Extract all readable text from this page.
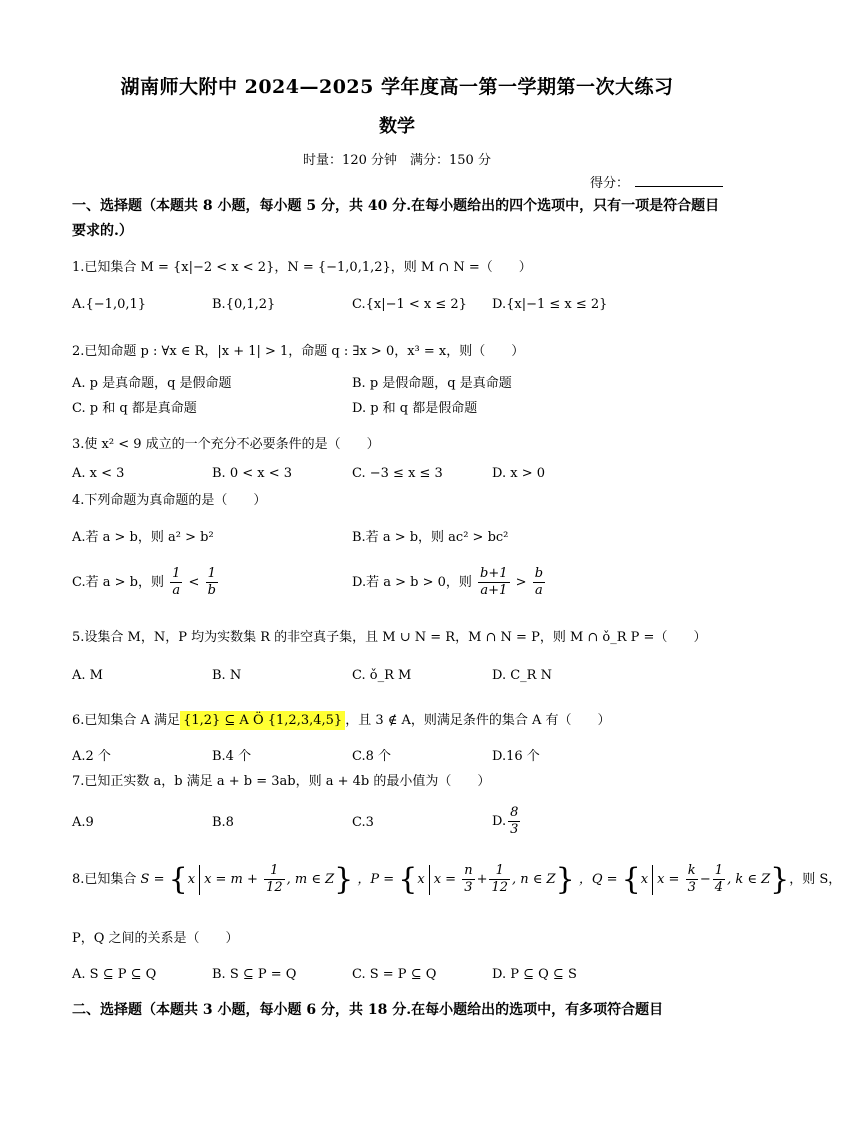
湖南师大附中 2024—2025 学年度高一第一学期第一次大练习
数学
时量：120 分钟　满分：150 分
得分：
一、选择题（本题共 8 小题，每小题 5 分，共 40 分.在每小题给出的四个选项中，只有一项是符合题目要求的.）
1.已知集合 M = {x|−2 < x < 2}，N = {−1,0,1,2}，则 M ∩ N =（　　）
A.{−1,0,1}	B.{0,1,2}	C.{x|−1 < x ≤ 2} D.{x|−1 ≤ x ≤ 2}
2.已知命题 p : ∀x ∈ R，|x + 1| > 1，命题 q : ∃x > 0，x³ = x，则（　　）
A. p 是真命题，q 是假命题	B. p 是假命题，q 是真命题
C. p 和 q 都是真命题	D. p 和 q 都是假命题
3.使 x² < 9 成立的一个充分不必要条件的是（　　）
A. x < 3	B. 0 < x < 3	C. −3 ≤ x ≤ 3	D. x > 0
4.下列命题为真命题的是（　　）
A.若 a > b，则 a² > b²	B.若 a > b，则 ac² > bc²
C.若 a > b，则 $\frac{1}{a} < \frac{1}{b}$	D.若 a > b > 0，则 $\frac{b+1}{a+1} > \frac{b}{a}$
5.设集合 M，N，P 均为实数集 R 的非空真子集，且 M ∪ N = R，M ∩ N = P，则 M ∩ ǒ_R P =（　　）
A. M	B. N	C. ǒ_R M	D. C_R N
6.已知集合 A 满足 {1,2} ⊆ A Ö {1,2,3,4,5} ，且 3 ∉ A，则满足条件的集合 A 有（　　）
A.2 个	B.4 个	C.8 个	D.16 个
7.已知正实数 a，b 满足 a + b = 3ab，则 a + 4b 的最小值为（　　）
A.9	B.8	C.3	D. $\frac{8}{3}$
8.已知集合 S = {x $x = m + \frac{1}{12}$ , m ∈ Z} ，P = {x $x = \frac{n}{3} + \frac{1}{12}$ , n ∈ Z} ，Q = {x $x = \frac{k}{3} - \frac{1}{4}$ , k ∈ Z}，则 S，
P，Q 之间的关系是（　　）
A. S ⊆ P ⊆ Q	B. S ⊆ P = Q	C. S = P ⊆ Q	D. P ⊆ Q ⊆ S
二、选择题（本题共 3 小题，每小题 6 分，共 18 分.在每小题给出的选项中，有多项符合题目
